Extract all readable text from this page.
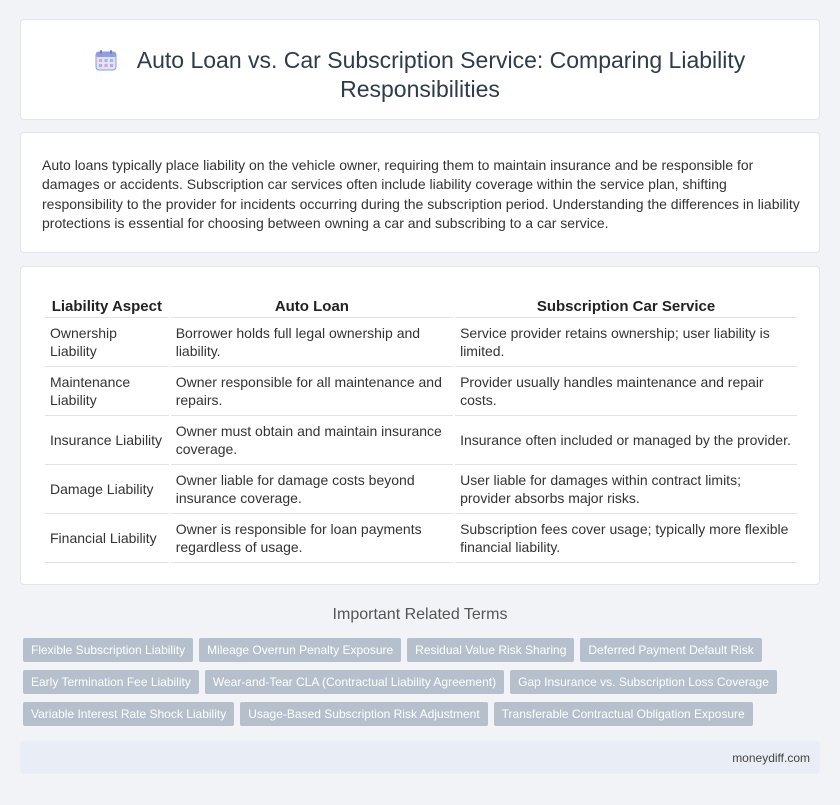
Auto Loan vs. Car Subscription Service: Comparing Liability Responsibilities

Auto loans typically place liability on the vehicle owner, requiring them to maintain insurance and be responsible for damages or accidents. Subscription car services often include liability coverage within the service plan, shifting responsibility to the provider for incidents occurring during the subscription period. Understanding the differences in liability protections is essential for choosing between owning a car and subscribing to a car service.

Liability Aspect	Auto Loan	Subscription Car Service
Ownership Liability	Borrower holds full legal ownership and liability.	Service provider retains ownership; user liability is limited.
Maintenance Liability	Owner responsible for all maintenance and repairs.	Provider usually handles maintenance and repair costs.
Insurance Liability	Owner must obtain and maintain insurance coverage.	Insurance often included or managed by the provider.
Damage Liability	Owner liable for damage costs beyond insurance coverage.	User liable for damages within contract limits; provider absorbs major risks.
Financial Liability	Owner is responsible for loan payments regardless of usage.	Subscription fees cover usage; typically more flexible financial liability.
Important Related Terms
Flexible Subscription Liability Mileage Overrun Penalty Exposure Residual Value Risk Sharing Deferred Payment Default Risk
Early Termination Fee Liability Wear-and-Tear CLA (Contractual Liability Agreement) Gap Insurance vs. Subscription Loss Coverage
Variable Interest Rate Shock Liability Usage-Based Subscription Risk Adjustment Transferable Contractual Obligation Exposure
moneydiff.com
